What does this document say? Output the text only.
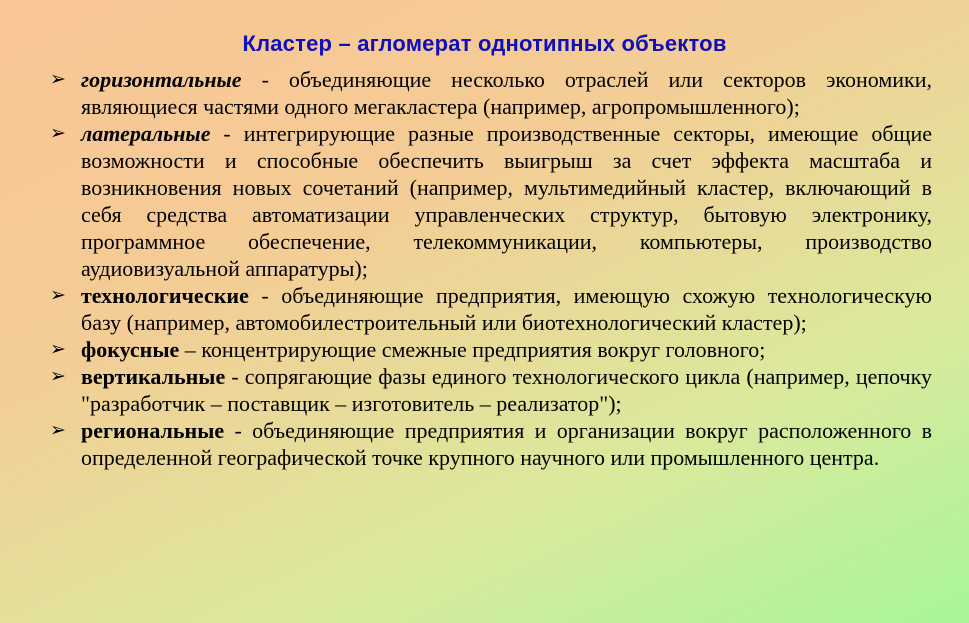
Кластер – агломерат однотипных объектов
➢ горизонтальные - объединяющие несколько отраслей или секторов экономики, являющиеся частями одного мегакластера (например, агропромышленного);
➢ латеральные - интегрирующие разные производственные секторы, имеющие общие возможности и способные обеспечить выигрыш за счет эффекта масштаба и возникновения новых сочетаний (например, мультимедийный кластер, включающий в себя средства автоматизации управленческих структур, бытовую электронику, программное обеспечение, телекоммуникации, компьютеры, производство аудиовизуальной аппаратуры);
➢ технологические - объединяющие предприятия, имеющую схожую технологическую базу (например, автомобилестроительный или биотехнологический кластер);
➢ фокусные – концентрирующие смежные предприятия вокруг головного;
➢ вертикальные - сопрягающие фазы единого технологического цикла (например, цепочку "разработчик – поставщик – изготовитель – реализатор");
➢ региональные - объединяющие предприятия и организации вокруг расположенного в определенной географической точке крупного научного или промышленного центра.
